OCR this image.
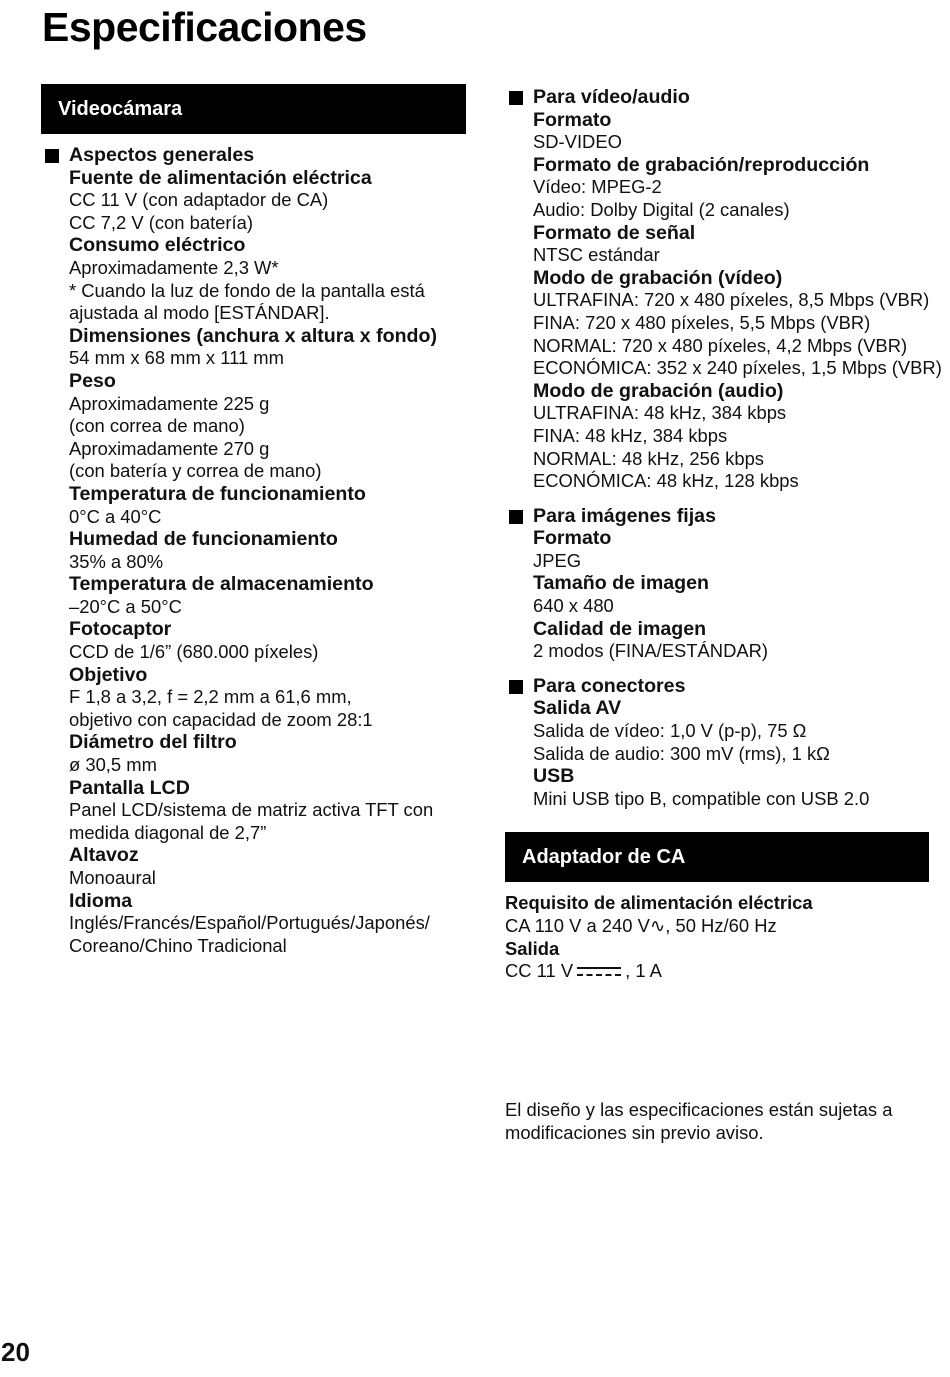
Especificaciones
Videocámara
Aspectos generales
Fuente de alimentación eléctrica
CC 11 V (con adaptador de CA)
CC 7,2 V (con batería)
Consumo eléctrico
Aproximadamente 2,3 W*
* Cuando la luz de fondo de la pantalla está ajustada al modo [ESTÁNDAR].
Dimensiones (anchura x altura x fondo)
54 mm x 68 mm x 111 mm
Peso
Aproximadamente 225 g
(con correa de mano)
Aproximadamente 270 g
(con batería y correa de mano)
Temperatura de funcionamiento
0°C a 40°C
Humedad de funcionamiento
35% a 80%
Temperatura de almacenamiento
–20°C a 50°C
Fotocaptor
CCD de 1/6” (680.000 píxeles)
Objetivo
F 1,8 a 3,2, f = 2,2 mm a 61,6 mm,
objetivo con capacidad de zoom 28:1
Diámetro del filtro
ø 30,5 mm
Pantalla LCD
Panel LCD/sistema de matriz activa TFT con medida diagonal de 2,7”
Altavoz
Monoaural
Idioma
Inglés/Francés/Español/Portugués/Japonés/ Coreano/Chino Tradicional
Para vídeo/audio
Formato
SD-VIDEO
Formato de grabación/reproducción
Vídeo: MPEG-2
Audio: Dolby Digital (2 canales)
Formato de señal
NTSC estándar
Modo de grabación (vídeo)
ULTRAFINA: 720 x 480 píxeles, 8,5 Mbps (VBR)
FINA: 720 x 480 píxeles, 5,5 Mbps (VBR)
NORMAL: 720 x 480 píxeles, 4,2 Mbps (VBR)
ECONÓMICA: 352 x 240 píxeles, 1,5 Mbps (VBR)
Modo de grabación (audio)
ULTRAFINA: 48 kHz, 384 kbps
FINA: 48 kHz, 384 kbps
NORMAL: 48 kHz, 256 kbps
ECONÓMICA: 48 kHz, 128 kbps
Para imágenes fijas
Formato
JPEG
Tamaño de imagen
640 x 480
Calidad de imagen
2 modos (FINA/ESTÁNDAR)
Para conectores
Salida AV
Salida de vídeo: 1,0 V (p-p), 75 Ω
Salida de audio: 300 mV (rms), 1 kΩ
USB
Mini USB tipo B, compatible con USB 2.0
Adaptador de CA
Requisito de alimentación eléctrica
CA 110 V a 240 V∿, 50 Hz/60 Hz
Salida
CC 11 V	, 1 A
El diseño y las especificaciones están sujetas a modificaciones sin previo aviso.
20
